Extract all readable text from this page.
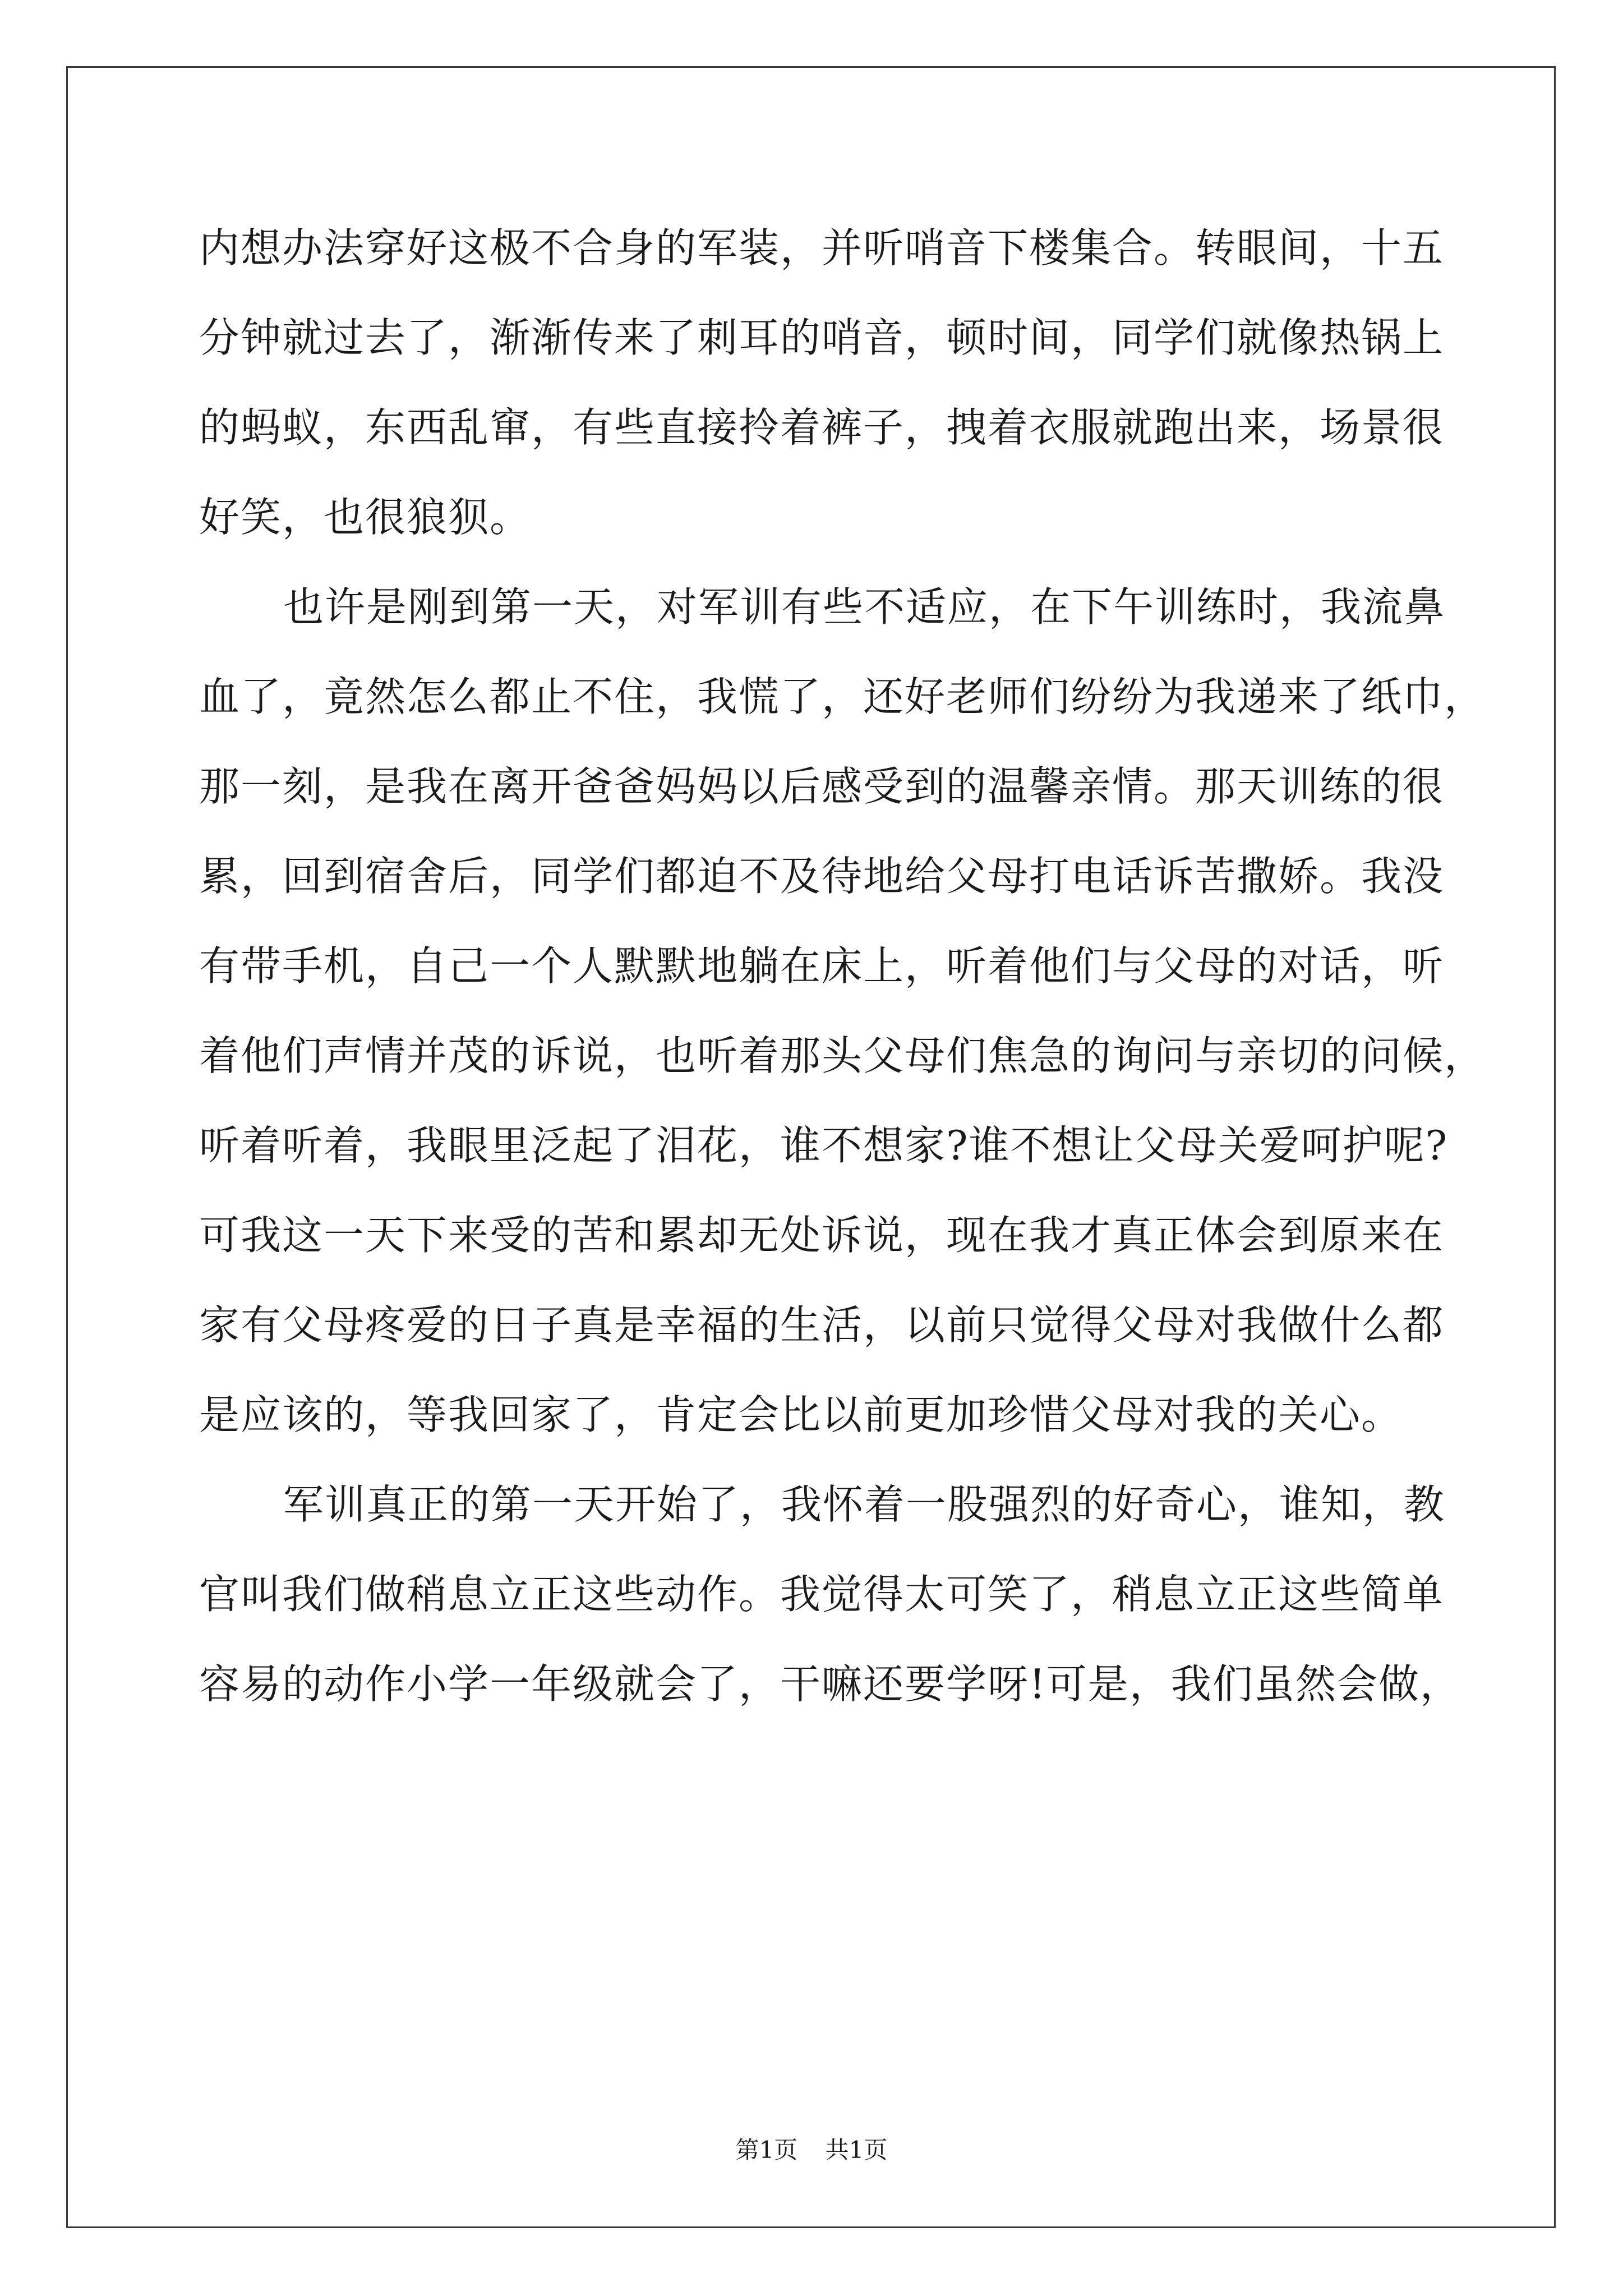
内想办法穿好这极不合身的军装，并听哨音下楼集合。转眼间，十五
分钟就过去了，渐渐传来了刺耳的哨音，顿时间，同学们就像热锅上
的蚂蚁，东西乱窜，有些直接拎着裤子，拽着衣服就跑出来，场景很
好笑，也很狼狈。

也许是刚到第一天，对军训有些不适应，在下午训练时，我流鼻
血了，竟然怎么都止不住，我慌了，还好老师们纷纷为我递来了纸巾，
那一刻，是我在离开爸爸妈妈以后感受到的温馨亲情。那天训练的很
累，回到宿舍后，同学们都迫不及待地给父母打电话诉苦撒娇。我没
有带手机，自己一个人默默地躺在床上，听着他们与父母的对话，听
着他们声情并茂的诉说，也听着那头父母们焦急的询问与亲切的问候，
听着听着，我眼里泛起了泪花，谁不想家?谁不想让父母关爱呵护呢?
可我这一天下来受的苦和累却无处诉说，现在我才真正体会到原来在
家有父母疼爱的日子真是幸福的生活，以前只觉得父母对我做什么都
是应该的，等我回家了，肯定会比以前更加珍惜父母对我的关心。

军训真正的第一天开始了，我怀着一股强烈的好奇心，谁知，教
官叫我们做稍息立正这些动作。我觉得太可笑了，稍息立正这些简单
容易的动作小学一年级就会了，干嘛还要学呀!可是，我们虽然会做，

第1页 共1页
